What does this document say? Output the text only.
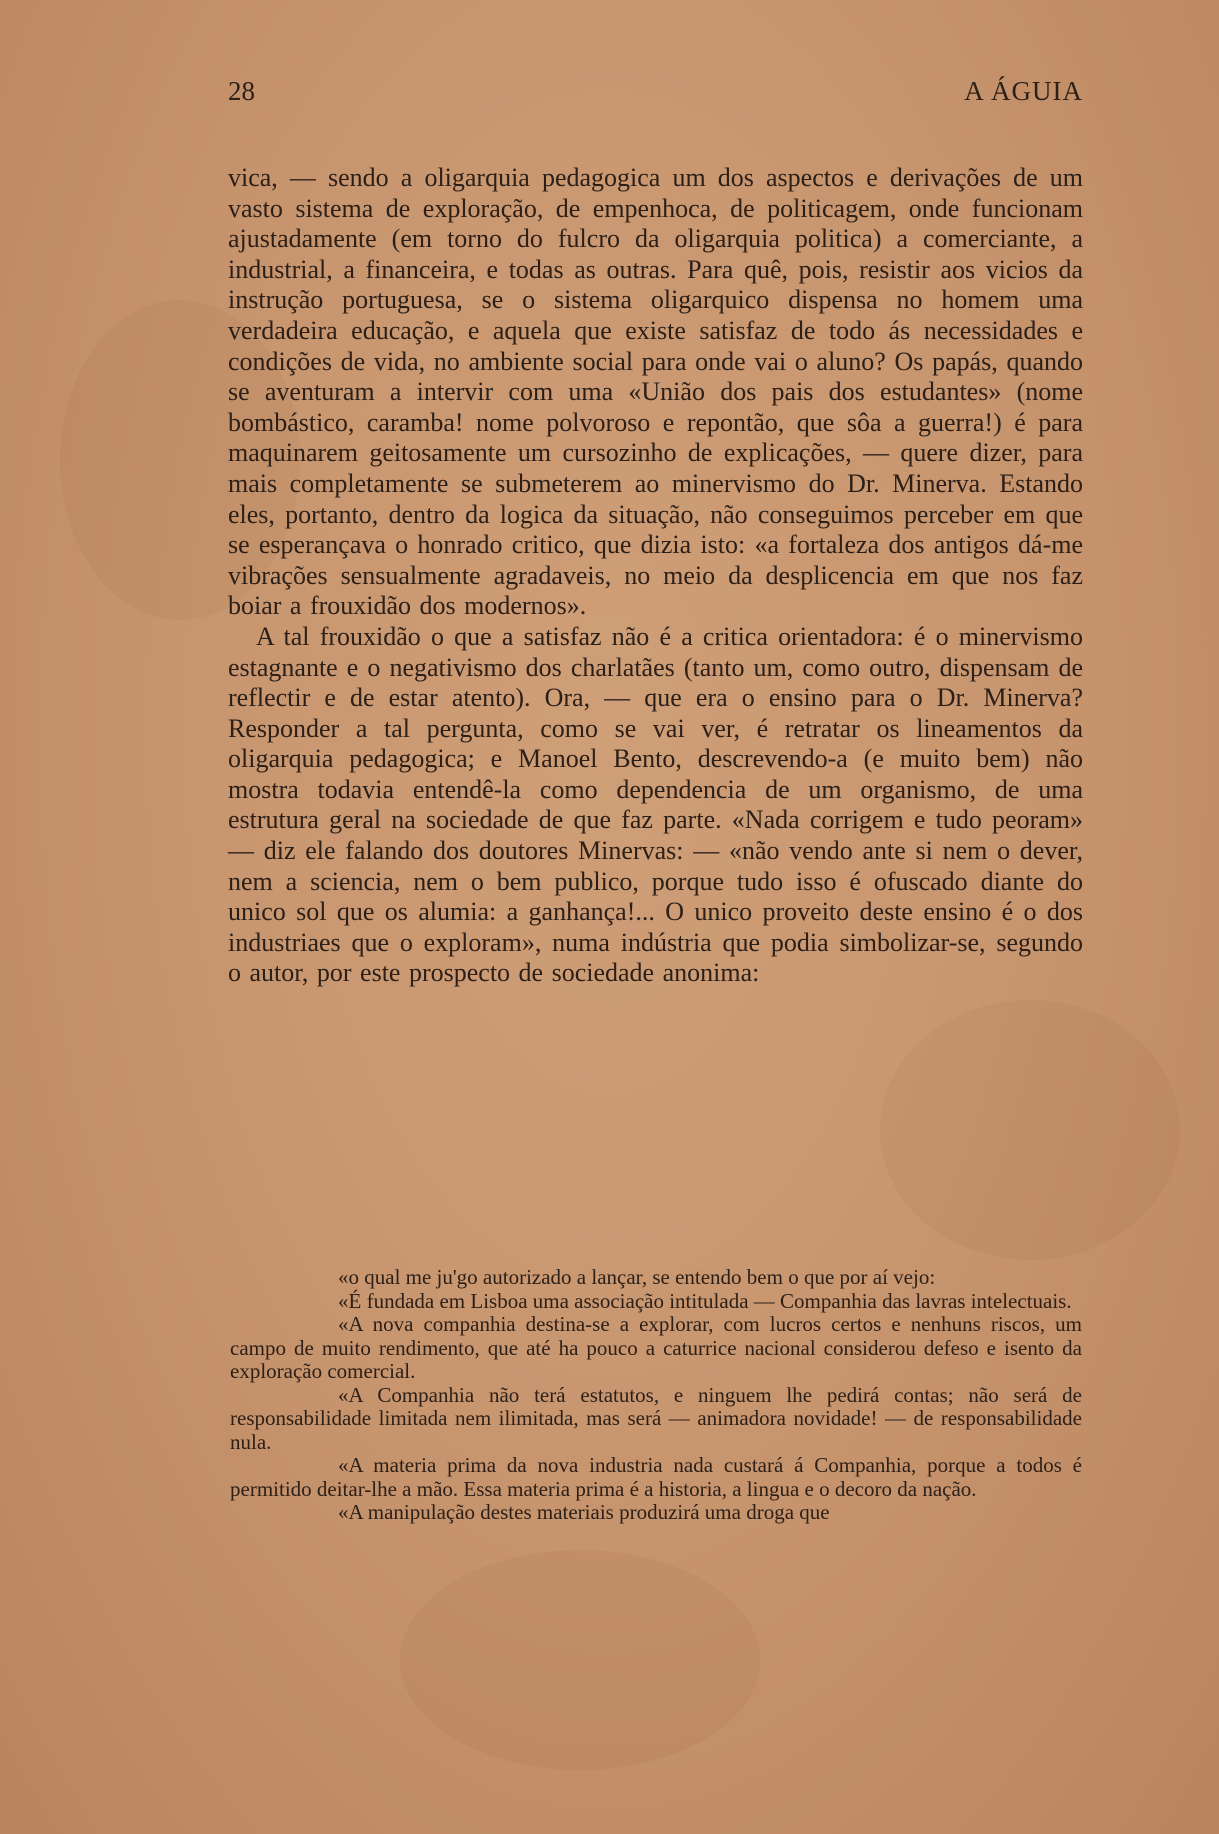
28	A ÁGUIA

vica, — sendo a oligarquia pedagogica um dos aspectos e derivações de um vasto sistema de exploração, de empenhoca, de politicagem, onde funcionam ajustadamente (em torno do fulcro da oligarquia politica) a comerciante, a industrial, a financeira, e todas as outras. Para quê, pois, resistir aos vicios da instrução portuguesa, se o sistema oligarquico dispensa no homem uma verdadeira educação, e aquela que existe satisfaz de todo ás necessidades e condições de vida, no ambiente social para onde vai o aluno? Os papás, quando se aventuram a intervir com uma «União dos pais dos estudantes» (nome bombástico, caramba! nome polvoroso e repontão, que sôa a guerra!) é para maquinarem geitosamente um cursozinho de explicações, — quere dizer, para mais completamente se submeterem ao minervismo do Dr. Minerva. Estando eles, portanto, dentro da logica da situação, não conseguimos perceber em que se esperançava o honrado critico, que dizia isto: «a fortaleza dos antigos dá-me vibrações sensualmente agradaveis, no meio da desplicencia em que nos faz boiar a frouxidão dos modernos».

A tal frouxidão o que a satisfaz não é a critica orientadora: é o minervismo estagnante e o negativismo dos charlatães (tanto um, como outro, dispensam de reflectir e de estar atento). Ora, — que era o ensino para o Dr. Minerva? Responder a tal pergunta, como se vai ver, é retratar os lineamentos da oligarquia pedagogica; e Manoel Bento, descrevendo-a (e muito bem) não mostra todavia entendê-la como dependencia de um organismo, de uma estrutura geral na sociedade de que faz parte. «Nada corrigem e tudo peoram» — diz ele falando dos doutores Minervas: — «não vendo ante si nem o dever, nem a sciencia, nem o bem publico, porque tudo isso é ofuscado diante do unico sol que os alumia: a ganhança!... O unico proveito deste ensino é o dos industriaes que o exploram», numa indústria que podia simbolizar-se, segundo o autor, por este prospecto de sociedade anonima:

«o qual me ju'go autorizado a lançar, se entendo bem o que por aí vejo:

«É fundada em Lisboa uma associação intitulada — Companhia das lavras intelectuais.

«A nova companhia destina-se a explorar, com lucros certos e nenhuns riscos, um campo de muito rendimento, que até ha pouco a caturrice nacional considerou defeso e isento da exploração comercial.

«A Companhia não terá estatutos, e ninguem lhe pedirá contas; não será de responsabilidade limitada nem ilimitada, mas será — animadora novidade! — de responsabilidade nula.

«A materia prima da nova industria nada custará á Companhia, porque a todos é permitido deitar-lhe a mão. Essa materia prima é a historia, a lingua e o decoro da nação.

«A manipulação destes materiais produzirá uma droga que
